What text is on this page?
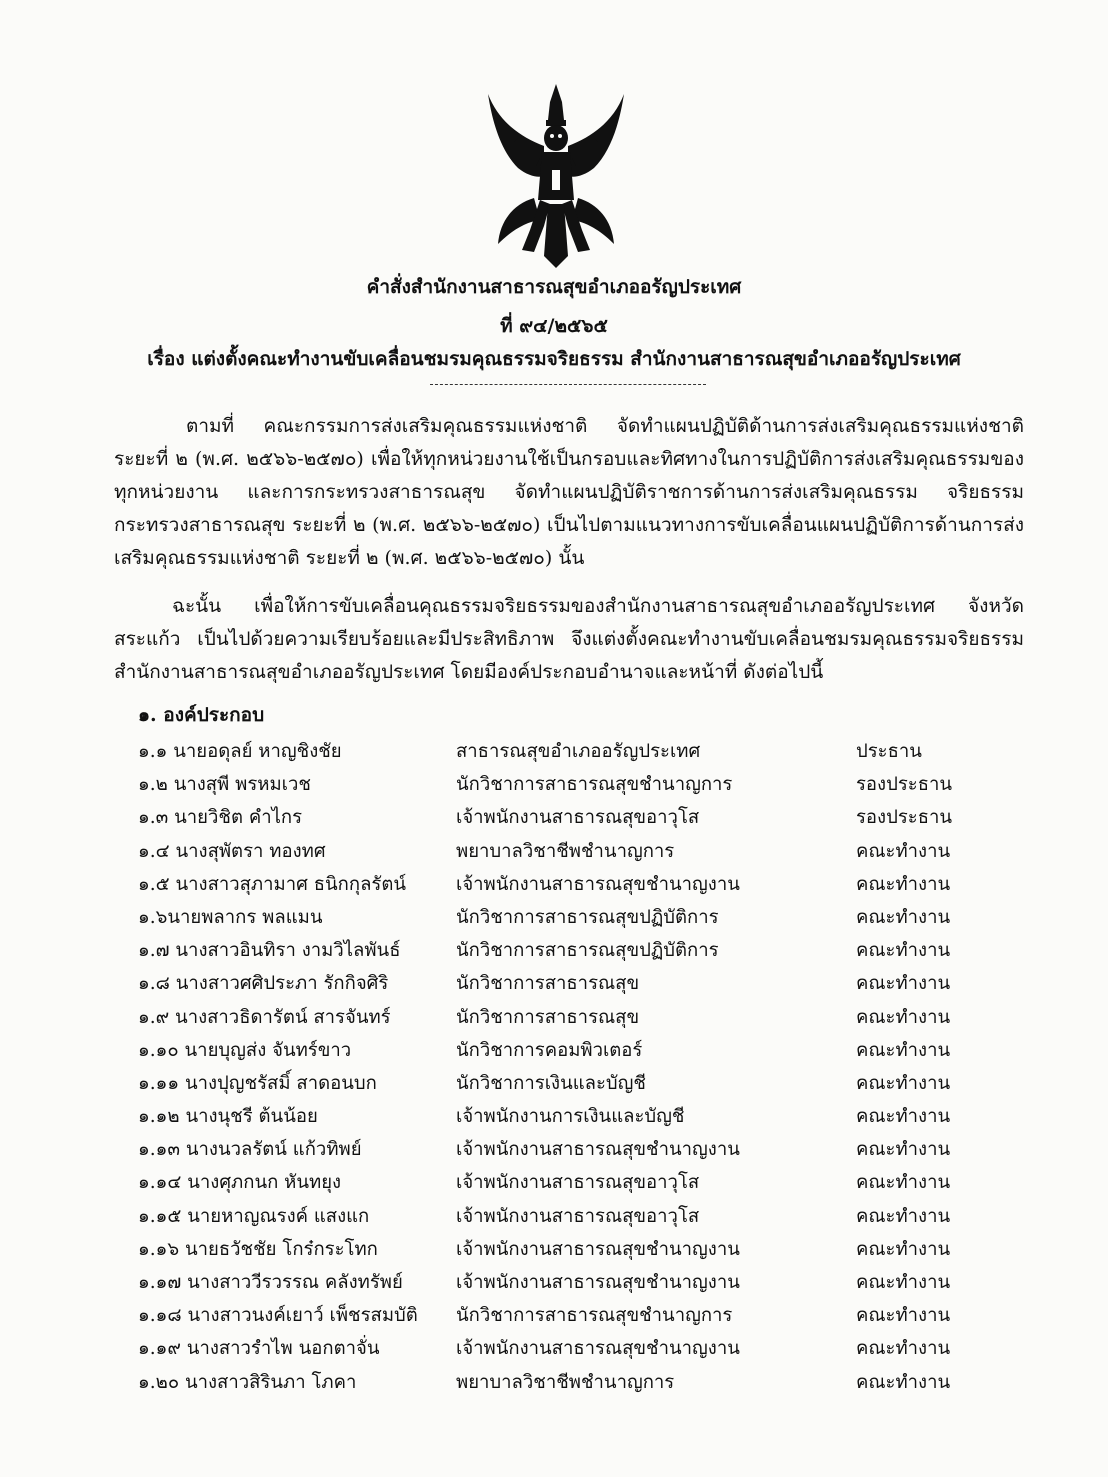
คำสั่งสำนักงานสาธารณสุขอำเภออรัญประเทศ
ที่ ๙๔/๒๕๖๕
เรื่อง แต่งตั้งคณะทำงานขับเคลื่อนชมรมคุณธรรมจริยธรรม สำนักงานสาธารณสุขอำเภออรัญประเทศ
ตามที่ คณะกรรมการส่งเสริมคุณธรรมแห่งชาติ จัดทำแผนปฏิบัติด้านการส่งเสริมคุณธรรมแห่งชาติ ระยะที่ ๒ (พ.ศ. ๒๕๖๖-๒๕๗๐) เพื่อให้ทุกหน่วยงานใช้เป็นกรอบและทิศทางในการปฏิบัติการส่งเสริมคุณธรรมของทุกหน่วยงาน และการกระทรวงสาธารณสุข จัดทำแผนปฏิบัติราชการด้านการส่งเสริมคุณธรรม จริยธรรม กระทรวงสาธารณสุข ระยะที่ ๒ (พ.ศ. ๒๕๖๖-๒๕๗๐) เป็นไปตามแนวทางการขับเคลื่อนแผนปฏิบัติการด้านการส่งเสริมคุณธรรมแห่งชาติ ระยะที่ ๒ (พ.ศ. ๒๕๖๖-๒๕๗๐) นั้น
ฉะนั้น เพื่อให้การขับเคลื่อนคุณธรรมจริยธรรมของสำนักงานสาธารณสุขอำเภออรัญประเทศ จังหวัดสระแก้ว เป็นไปด้วยความเรียบร้อยและมีประสิทธิภาพ จึงแต่งตั้งคณะทำงานขับเคลื่อนชมรมคุณธรรมจริยธรรม สำนักงานสาธารณสุขอำเภออรัญประเทศ โดยมีองค์ประกอบอำนาจและหน้าที่ ดังต่อไปนี้
๑. องค์ประกอบ
๑.๑ นายอดุลย์ หาญชิงชัย	สาธารณสุขอำเภออรัญประเทศ	ประธาน
๑.๒ นางสุพี พรหมเวช	นักวิชาการสาธารณสุขชำนาญการ	รองประธาน
๑.๓ นายวิชิต คำไกร	เจ้าพนักงานสาธารณสุขอาวุโส	รองประธาน
๑.๔ นางสุพัตรา ทองทศ	พยาบาลวิชาชีพชำนาญการ	คณะทำงาน
๑.๕ นางสาวสุภามาศ ธนิกกุลรัตน์	เจ้าพนักงานสาธารณสุขชำนาญงาน	คณะทำงาน
๑.๖นายพลากร พลแมน	นักวิชาการสาธารณสุขปฏิบัติการ	คณะทำงาน
๑.๗ นางสาวอินทิรา งามวิไลพันธ์	นักวิชาการสาธารณสุขปฏิบัติการ	คณะทำงาน
๑.๘ นางสาวศศิประภา รักกิจศิริ	นักวิชาการสาธารณสุข	คณะทำงาน
๑.๙ นางสาวธิดารัตน์ สารจันทร์	นักวิชาการสาธารณสุข	คณะทำงาน
๑.๑๐ นายบุญส่ง จันทร์ขาว	นักวิชาการคอมพิวเตอร์	คณะทำงาน
๑.๑๑ นางปุญชรัสมิ์ สาดอนบก	นักวิชาการเงินและบัญชี	คณะทำงาน
๑.๑๒ นางนุชรี ต้นน้อย	เจ้าพนักงานการเงินและบัญชี	คณะทำงาน
๑.๑๓ นางนวลรัตน์ แก้วทิพย์	เจ้าพนักงานสาธารณสุขชำนาญงาน	คณะทำงาน
๑.๑๔ นางศุภกนก หันทยุง	เจ้าพนักงานสาธารณสุขอาวุโส	คณะทำงาน
๑.๑๕ นายหาญณรงค์ แสงแก	เจ้าพนักงานสาธารณสุขอาวุโส	คณะทำงาน
๑.๑๖ นายธวัชชัย โกร๋กระโทก	เจ้าพนักงานสาธารณสุขชำนาญงาน	คณะทำงาน
๑.๑๗ นางสาววีรวรรณ คลังทรัพย์	เจ้าพนักงานสาธารณสุขชำนาญงาน	คณะทำงาน
๑.๑๘ นางสาวนงค์เยาว์ เพ็ชรสมบัติ	นักวิชาการสาธารณสุขชำนาญการ	คณะทำงาน
๑.๑๙ นางสาวรำไพ นอกตาจั่น	เจ้าพนักงานสาธารณสุขชำนาญงาน	คณะทำงาน
๑.๒๐ นางสาวสิรินภา โภคา	พยาบาลวิชาชีพชำนาญการ	คณะทำงาน
